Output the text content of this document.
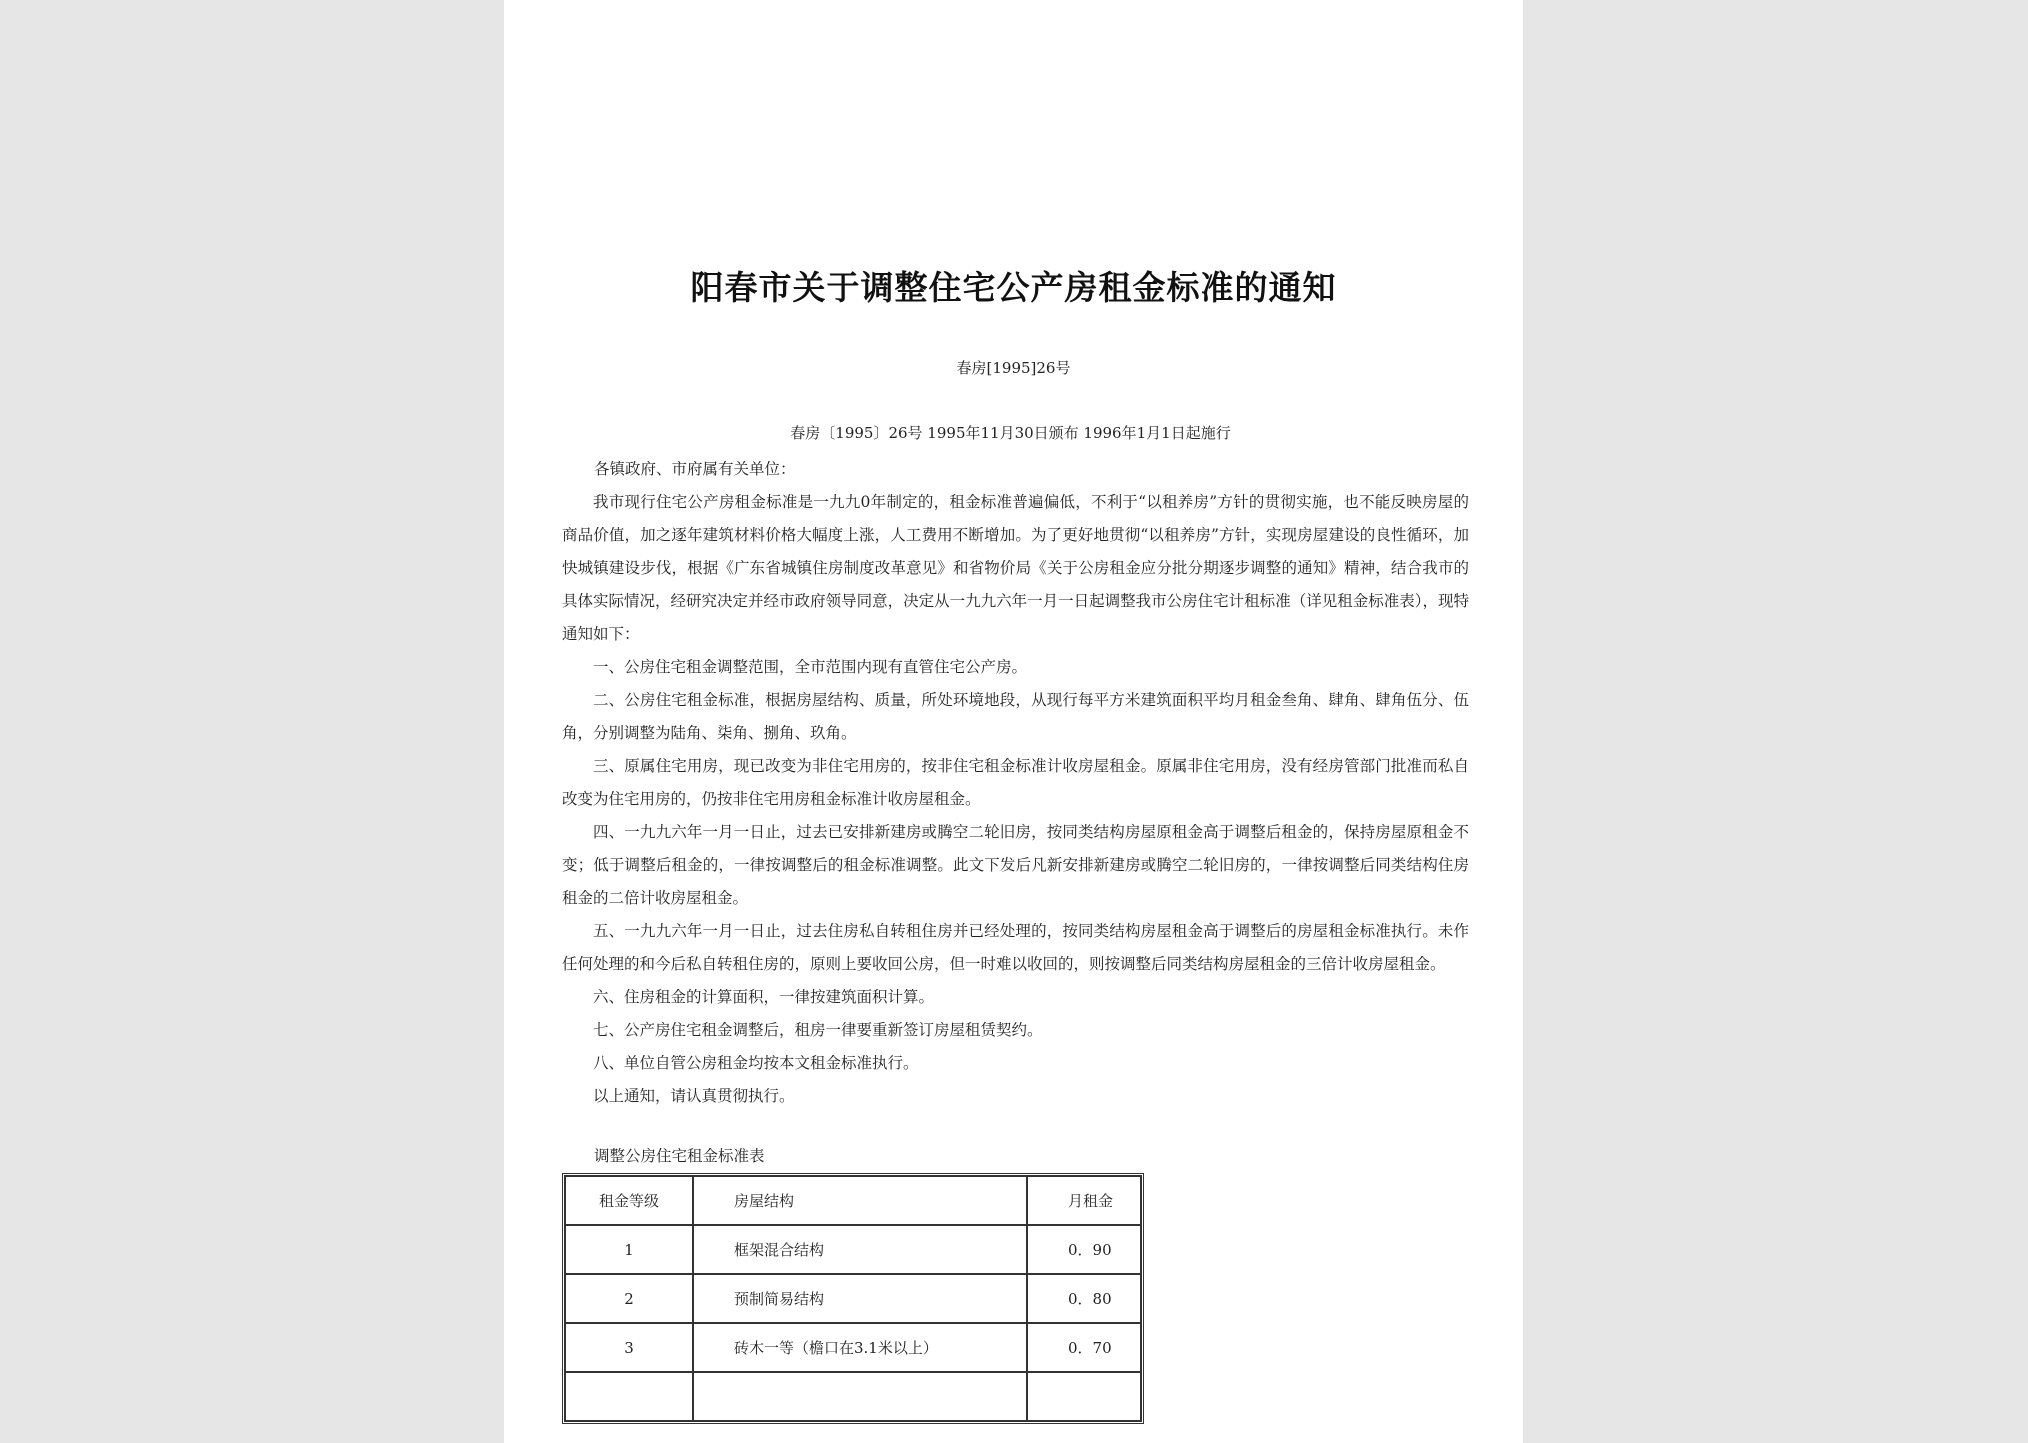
阳春市关于调整住宅公产房租金标准的通知
春房[1995]26号
春房〔1995〕26号 1995年11月30日颁布 1996年1月1日起施行
各镇政府、市府属有关单位：

我市现行住宅公产房租金标准是一九九0年制定的，租金标准普遍偏低，不利于“以租养房”方针的贯彻实施，也不能反映房屋的商品价值，加之逐年建筑材料价格大幅度上涨，人工费用不断增加。为了更好地贯彻“以租养房”方针，实现房屋建设的良性循环，加快城镇建设步伐，根据《广东省城镇住房制度改革意见》和省物价局《关于公房租金应分批分期逐步调整的通知》精神，结合我市的具体实际情况，经研究决定并经市政府领导同意，决定从一九九六年一月一日起调整我市公房住宅计租标准（详见租金标准表），现特通知如下：

一、公房住宅租金调整范围，全市范围内现有直管住宅公产房。

二、公房住宅租金标准，根据房屋结构、质量，所处环境地段，从现行每平方米建筑面积平均月租金叁角、肆角、肆角伍分、伍角，分别调整为陆角、柒角、捌角、玖角。

三、原属住宅用房，现已改变为非住宅用房的，按非住宅租金标准计收房屋租金。原属非住宅用房，没有经房管部门批准而私自改变为住宅用房的，仍按非住宅用房租金标准计收房屋租金。

四、一九九六年一月一日止，过去已安排新建房或腾空二轮旧房，按同类结构房屋原租金高于调整后租金的，保持房屋原租金不变；低于调整后租金的，一律按调整后的租金标准调整。此文下发后凡新安排新建房或腾空二轮旧房的，一律按调整后同类结构住房租金的二倍计收房屋租金。

五、一九九六年一月一日止，过去住房私自转租住房并已经处理的，按同类结构房屋租金高于调整后的房屋租金标准执行。未作任何处理的和今后私自转租住房的，原则上要收回公房，但一时难以收回的，则按调整后同类结构房屋租金的三倍计收房屋租金。

六、住房租金的计算面积，一律按建筑面积计算。

七、公产房住宅租金调整后，租房一律要重新签订房屋租赁契约。

八、单位自管公房租金均按本文租金标准执行。

以上通知，请认真贯彻执行。

调整公房住宅租金标准表
租金等级	房屋结构	月租金
1	框架混合结构	0．90
2	预制简易结构	0．80
3	砖木一等（檐口在3.1米以上）	0．70
